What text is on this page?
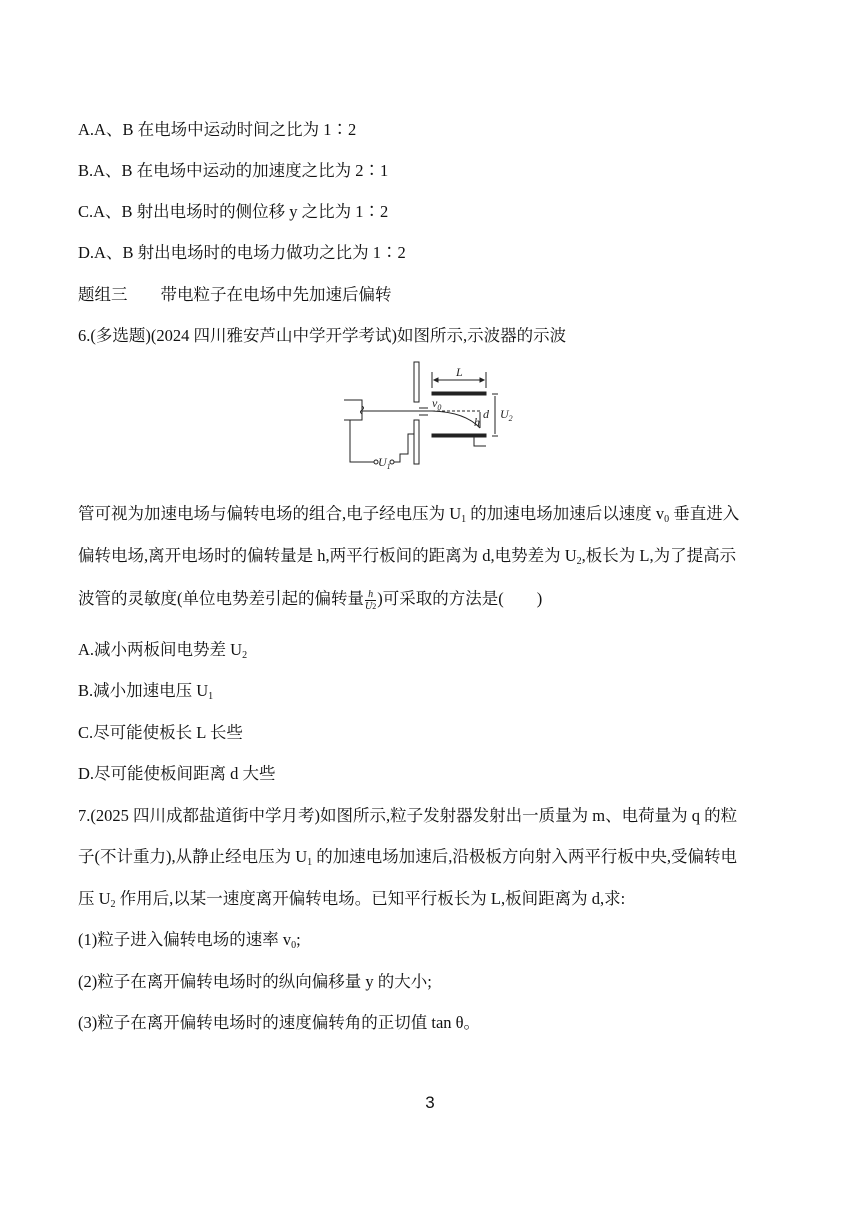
A.A、B 在电场中运动时间之比为 1∶2
B.A、B 在电场中运动的加速度之比为 2∶1
C.A、B 射出电场时的侧位移 y 之比为 1∶2
D.A、B 射出电场时的电场力做功之比为 1∶2
题组三　　带电粒子在电场中先加速后偏转
6.(多选题)(2024 四川雅安芦山中学开学考试)如图所示,示波器的示波
L
$v_0$	d
h
$U_2$
$U_1$
管可视为加速电场与偏转电场的组合,电子经电压为 U1 的加速电场加速后以速度 v0 垂直进入
偏转电场,离开电场时的偏转量是 h,两平行板间的距离为 d,电势差为 U2,板长为 L,为了提高示
波管的灵敏度(单位电势差引起的偏转量 $\frac{h}{U2}$ )可采取的方法是(　　)
A.减小两板间电势差 U2
B.减小加速电压 U1
C.尽可能使板长 L 长些
D.尽可能使板间距离 d 大些
7.(2025 四川成都盐道街中学月考)如图所示,粒子发射器发射出一质量为 m、电荷量为 q 的粒
子(不计重力),从静止经电压为 U1 的加速电场加速后,沿极板方向射入两平行板中央,受偏转电
压 U2 作用后,以某一速度离开偏转电场。已知平行板长为 L,板间距离为 d,求:
(1)粒子进入偏转电场的速率 v0;
(2)粒子在离开偏转电场时的纵向偏移量 y 的大小;
(3)粒子在离开偏转电场时的速度偏转角的正切值 tan θ。
3
